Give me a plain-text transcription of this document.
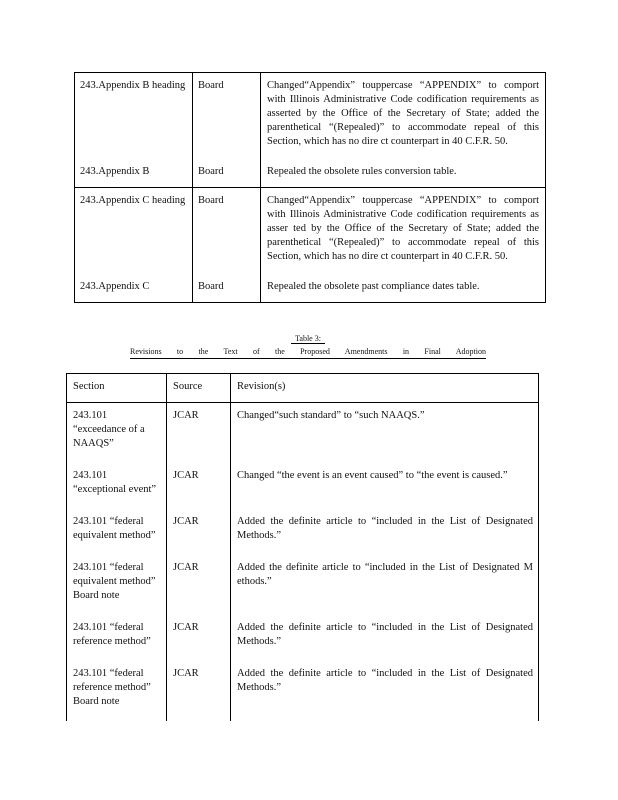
243.Appendix B heading	Board	Changed“Appendix” touppercase “APPENDIX” to comport with Illinois Administrative Code codification requirements as asserted by the Office of the Secretary of State; added the parenthetical “(Repealed)” to accommodate repeal of this Section, which has no dire ct counterpart in 40 C.F.R. 50.
243.Appendix B	Board	Repealed the obsolete rules conversion table.
243.Appendix C heading	Board	Changed“Appendix” touppercase “APPENDIX” to comport with Illinois Administrative Code codification requirements as asser ted by the Office of the Secretary of State; added the parenthetical “(Repealed)” to accommodate repeal of this Section, which has no dire ct counterpart in 40 C.F.R. 50.
243.Appendix C	Board	Repealed the obsolete past compliance dates table.
Table 3:
Revisions to the Text of the Proposed Amendments in Final Adoption
Section	Source	Revision(s)
243.101 “exceedance of a NAAQS”	JCAR	Changed“such standard” to “such NAAQS.”
243.101 “exceptional event”	JCAR	Changed “the event is an event caused” to “the event is caused.”
243.101 “federal equivalent method”	JCAR	Added the definite article to “included in the List of Designated Methods.”
243.101 “federal equivalent method” Board note	JCAR	Added the definite article to “included in the List of Designated M ethods.”
243.101 “federal reference method”	JCAR	Added the definite article to “included in the List of Designated Methods.”
243.101 “federal reference method” Board note	JCAR	Added the definite article to “included in the List of Designated Methods.”
